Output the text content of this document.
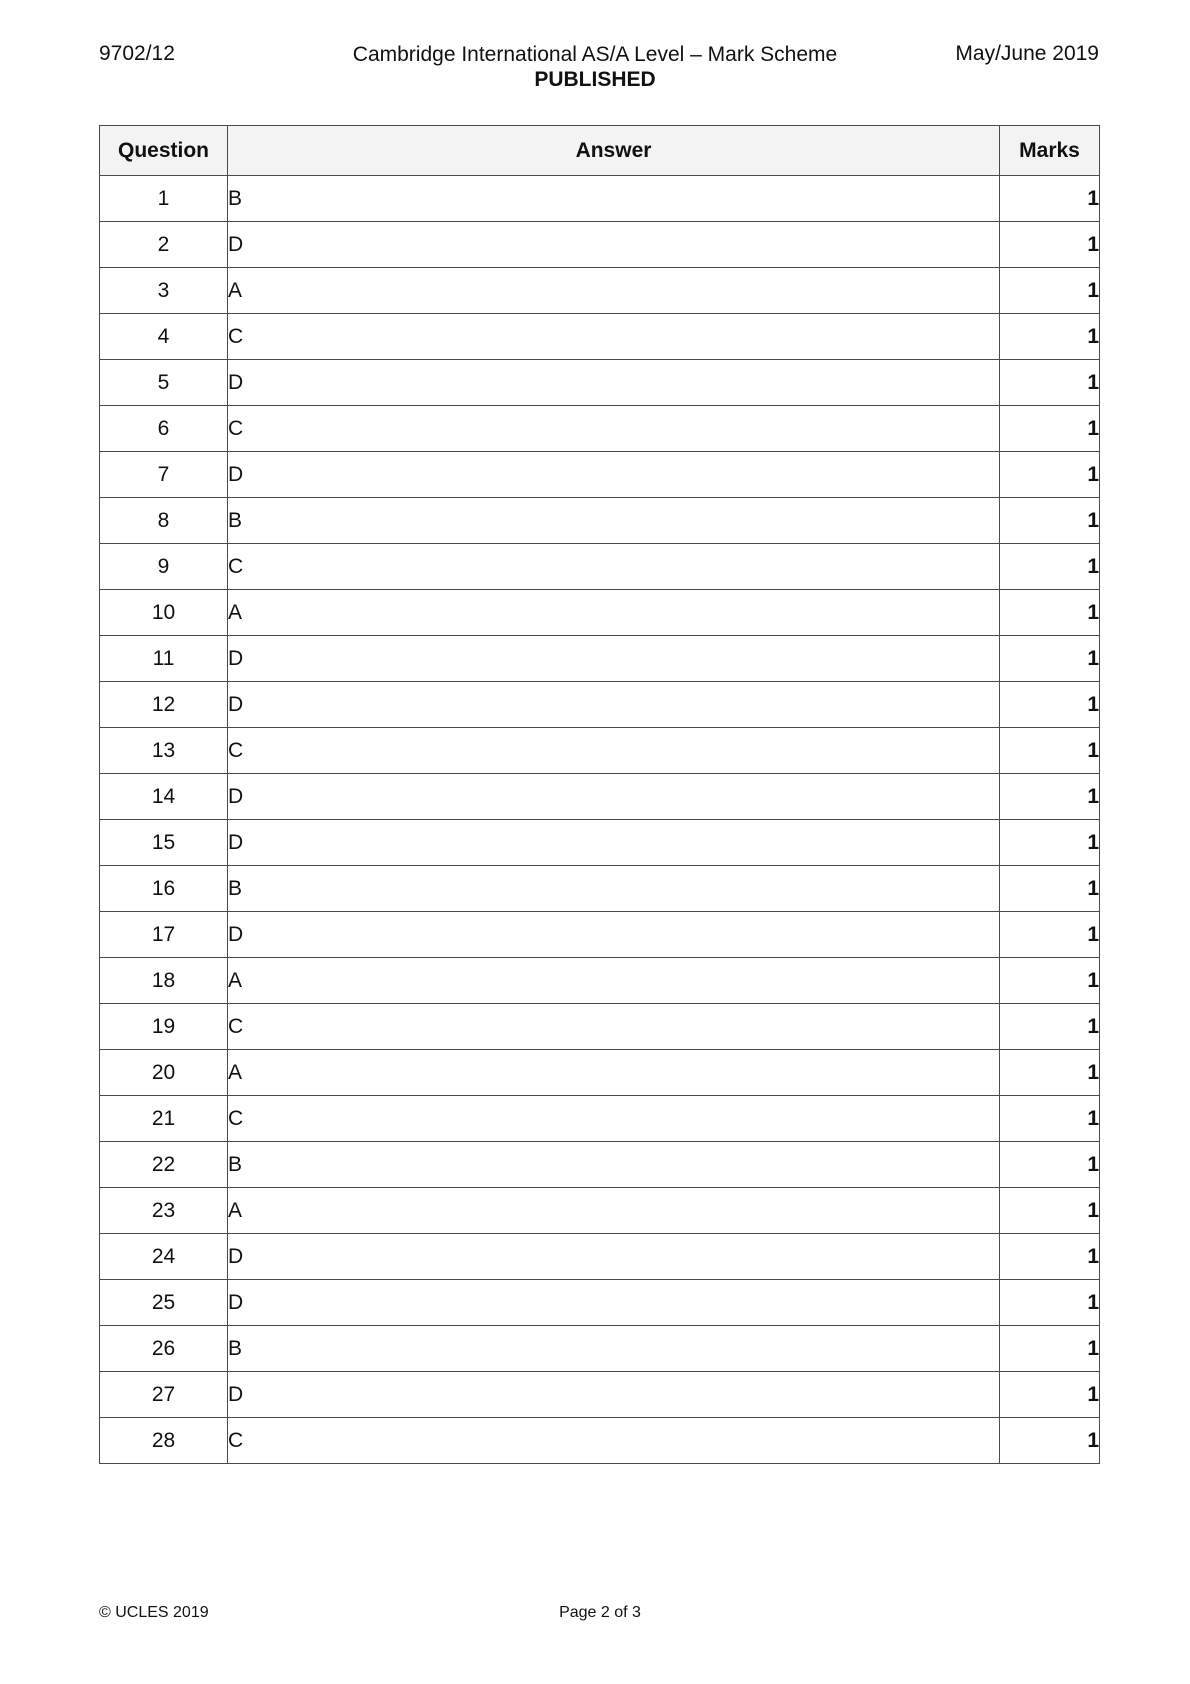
9702/12	Cambridge International AS/A Level – Mark Scheme
PUBLISHED
May/June 2019
Question	Answer	Marks
1	B	1
2	D	1
3	A	1
4	C	1
5	D	1
6	C	1
7	D	1
8	B	1
9	C	1
10	A	1
11	D	1
12	D	1
13	C	1
14	D	1
15	D	1
16	B	1
17	D	1
18	A	1
19	C	1
20	A	1
21	C	1
22	B	1
23	A	1
24	D	1
25	D	1
26	B	1
27	D	1
28	C	1
© UCLES 2019	Page 2 of 3
